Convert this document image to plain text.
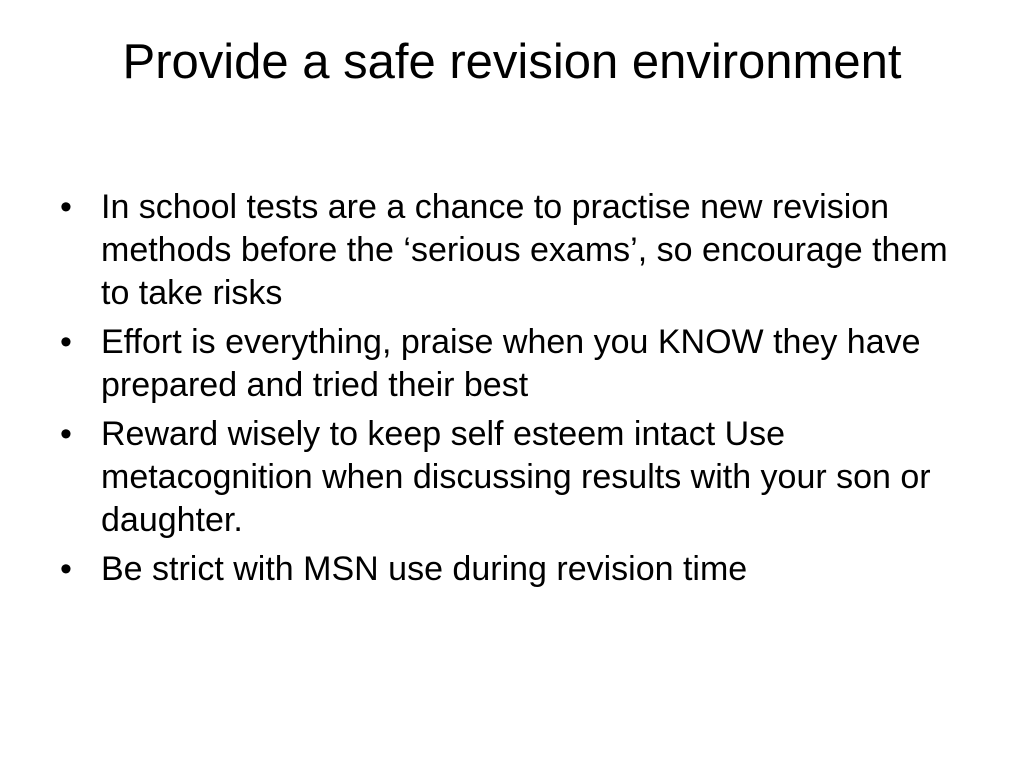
Provide a safe revision environment
• In school tests are a chance to practise new revision methods before the ‘serious exams’, so encourage them to take risks
• Effort is everything, praise when you KNOW they have prepared and tried their best
• Reward wisely to keep self esteem intact Use metacognition when discussing results with your son or daughter.
• Be strict with MSN use during revision time
